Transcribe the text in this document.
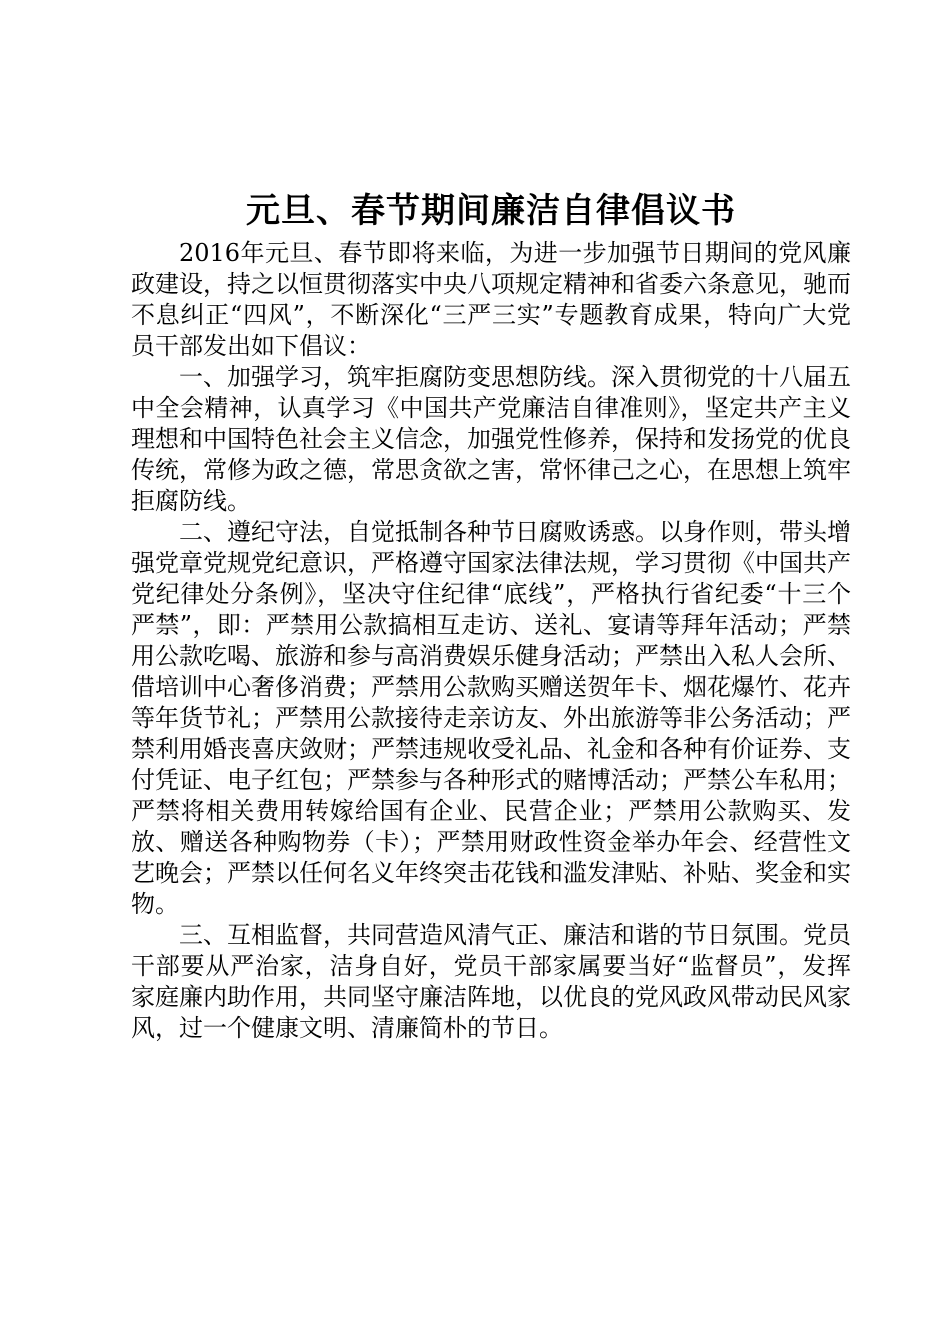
元旦、春节期间廉洁自律倡议书

2016年元旦、春节即将来临，为进一步加强节日期间的党风廉政建设，持之以恒贯彻落实中央八项规定精神和省委六条意见，驰而不息纠正“四风”，不断深化“三严三实”专题教育成果，特向广大党员干部发出如下倡议：

一、加强学习，筑牢拒腐防变思想防线。深入贯彻党的十八届五中全会精神，认真学习《中国共产党廉洁自律准则》，坚定共产主义理想和中国特色社会主义信念，加强党性修养，保持和发扬党的优良传统，常修为政之德，常思贪欲之害，常怀律己之心，在思想上筑牢拒腐防线。

二、遵纪守法，自觉抵制各种节日腐败诱惑。以身作则，带头增强党章党规党纪意识，严格遵守国家法律法规，学习贯彻《中国共产党纪律处分条例》，坚决守住纪律“底线”，严格执行省纪委“十三个严禁”，即：严禁用公款搞相互走访、送礼、宴请等拜年活动；严禁用公款吃喝、旅游和参与高消费娱乐健身活动；严禁出入私人会所、借培训中心奢侈消费；严禁用公款购买赠送贺年卡、烟花爆竹、花卉等年货节礼；严禁用公款接待走亲访友、外出旅游等非公务活动；严禁利用婚丧喜庆敛财；严禁违规收受礼品、礼金和各种有价证券、支付凭证、电子红包；严禁参与各种形式的赌博活动；严禁公车私用；严禁将相关费用转嫁给国有企业、民营企业；严禁用公款购买、发放、赠送各种购物券（卡）；严禁用财政性资金举办年会、经营性文艺晚会；严禁以任何名义年终突击花钱和滥发津贴、补贴、奖金和实物。

三、互相监督，共同营造风清气正、廉洁和谐的节日氛围。党员干部要从严治家，洁身自好，党员干部家属要当好“监督员”，发挥家庭廉内助作用，共同坚守廉洁阵地，以优良的党风政风带动民风家风，过一个健康文明、清廉简朴的节日。
